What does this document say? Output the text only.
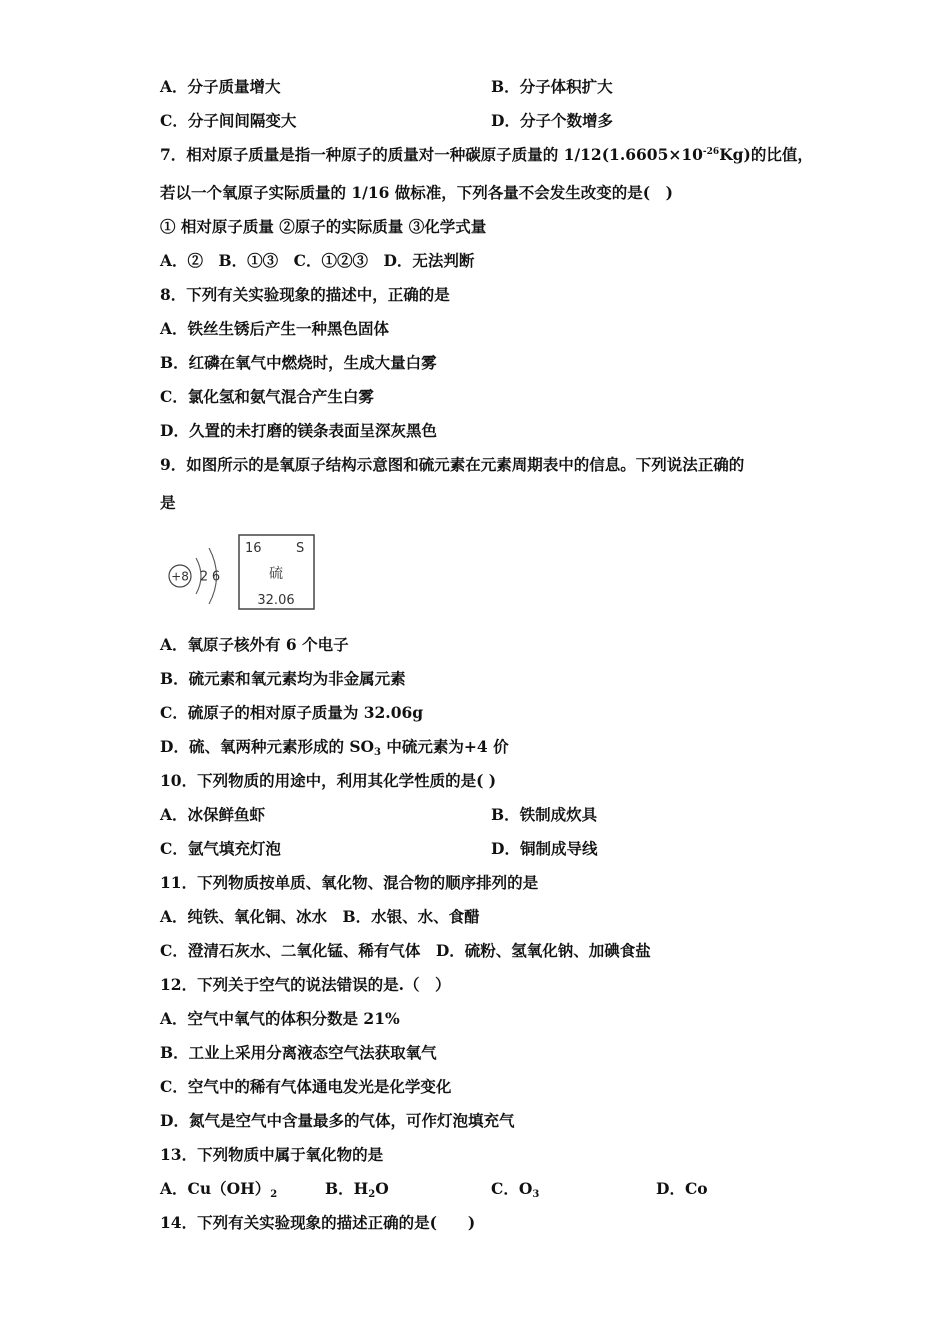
A．分子质量增大	B．分子体积扩大
C．分子间间隔变大	D．分子个数增多
7．相对原子质量是指一种原子的质量对一种碳原子质量的 $1/12(1.6605\times 10^{-26}Kg)$的比值，
若以一个氧原子实际质量的 1/16 做标准，下列各量不会发生改变的是(　)
① 相对原子质量 ②原子的实际质量 ③化学式量
A．②　B．①③　C．①②③　D．无法判断
8．下列有关实验现象的描述中，正确的是
A．铁丝生锈后产生一种黑色固体
B．红磷在氧气中燃烧时，生成大量白雾
C．氯化氢和氨气混合产生白雾
D．久置的未打磨的镁条表面呈深灰黑色
9．如图所示的是氧原子结构示意图和硫元素在元素周期表中的信息。下列说法正确的
是
+8 2 6
16	S
硫
32.06
A．氧原子核外有 6 个电子
B．硫元素和氧元素均为非金属元素
C．硫原子的相对原子质量为 32.06g
D．硫、氧两种元素形成的 $SO_3$ 中硫元素为+4 价
10．下列物质的用途中，利用其化学性质的是( )
A．冰保鲜鱼虾	B．铁制成炊具
C．氩气填充灯泡	D．铜制成导线
11．下列物质按单质、氧化物、混合物的顺序排列的是
A．纯铁、氧化铜、冰水　B．水银、水、食醋
C．澄清石灰水、二氧化锰、稀有气体　D．硫粉、氢氧化钠、加碘食盐
12．下列关于空气的说法错误的是.（　）
A．空气中氧气的体积分数是 21%
B．工业上采用分离液态空气法获取氧气
C．空气中的稀有气体通电发光是化学变化
D．氮气是空气中含量最多的气体，可作灯泡填充气
13．下列物质中属于氧化物的是
A．$Cu(OH)_2$	B．$H_2O$	C．$O_3$	D．Co
14．下列有关实验现象的描述正确的是(　　)
